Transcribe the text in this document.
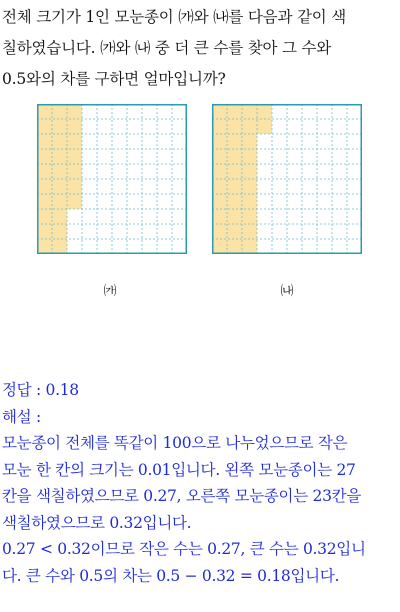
전체 크기가 1인 모눈종이 ㈎와 ㈏를 다음과 같이 색
칠하였습니다. ㈎와 ㈏ 중 더 큰 수를 찾아 그 수와
0.5와의 차를 구하면 얼마입니까?
㈎	㈏
정답 : 0.18
해설 :
모눈종이 전체를 똑같이 100으로 나누었으므로 작은
모눈 한 칸의 크기는 0.01입니다. 왼쪽 모눈종이는 27
칸을 색칠하였으므로 0.27, 오른쪽 모눈종이는 23칸을
색칠하였으므로 0.32입니다.
0.27 < 0.32이므로 작은 수는 0.27, 큰 수는 0.32입니
다. 큰 수와 0.5의 차는 0.5 − 0.32 = 0.18입니다.
